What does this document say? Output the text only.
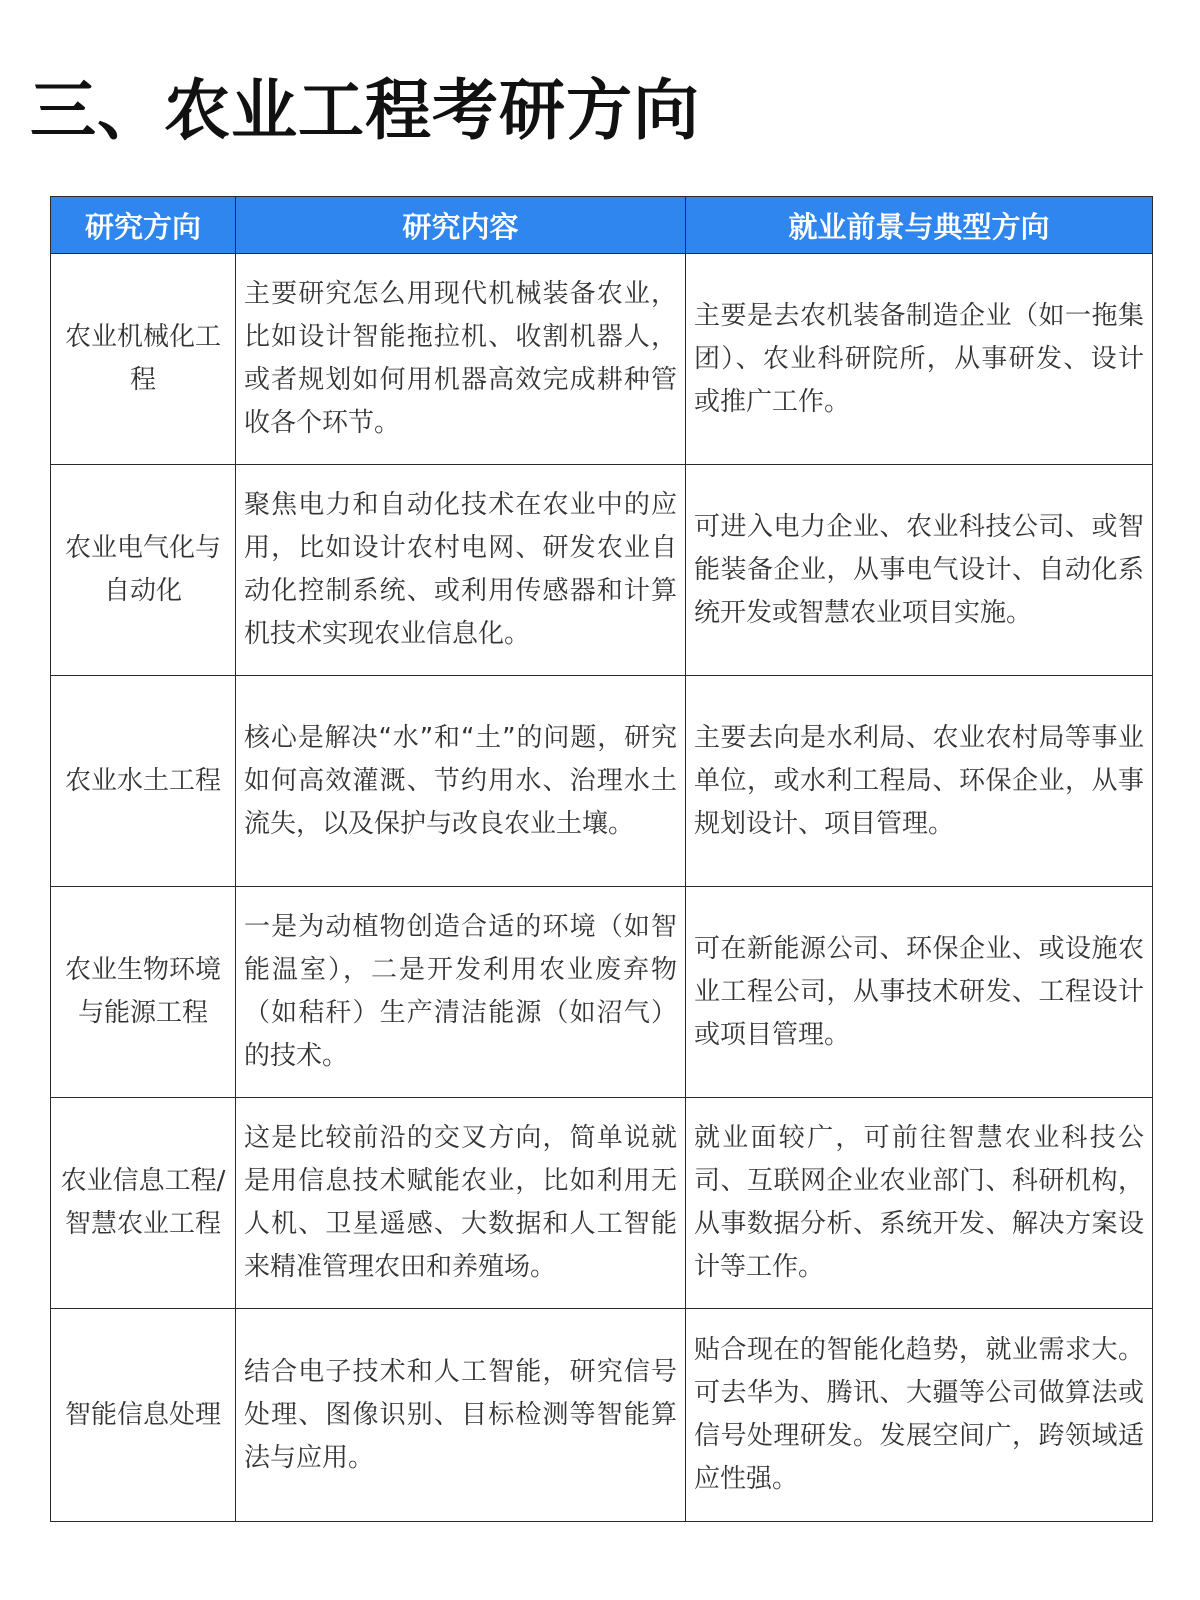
三、农业工程考研方向
研究方向	研究内容	就业前景与典型方向
农业机械化工程	主要研究怎么用现代机械装备农业，比如设计智能拖拉机、收割机器人，或者规划如何用机器高效完成耕种管收各个环节。	主要是去农机装备制造企业（如一拖集团）、农业科研院所，从事研发、设计或推广工作。
农业电气化与自动化	聚焦电力和自动化技术在农业中的应用，比如设计农村电网、研发农业自动化控制系统、或利用传感器和计算机技术实现农业信息化。	可进入电力企业、农业科技公司、或智能装备企业，从事电气设计、自动化系统开发或智慧农业项目实施。
农业水土工程	核心是解决“水”和“土”的问题，研究如何高效灌溉、节约用水、治理水土流失，以及保护与改良农业土壤。	主要去向是水利局、农业农村局等事业单位，或水利工程局、环保企业，从事规划设计、项目管理。
农业生物环境与能源工程	一是为动植物创造合适的环境（如智能温室），二是开发利用农业废弃物（如秸秆）生产清洁能源（如沼气）的技术。	可在新能源公司、环保企业、或设施农业工程公司，从事技术研发、工程设计或项目管理。
农业信息工程/智慧农业工程	这是比较前沿的交叉方向，简单说就是用信息技术赋能农业，比如利用无人机、卫星遥感、大数据和人工智能来精准管理农田和养殖场。	就业面较广，可前往智慧农业科技公司、互联网企业农业部门、科研机构，从事数据分析、系统开发、解决方案设计等工作。
智能信息处理	结合电子技术和人工智能，研究信号处理、图像识别、目标检测等智能算法与应用。	贴合现在的智能化趋势，就业需求大。可去华为、腾讯、大疆等公司做算法或信号处理研发。发展空间广，跨领域适应性强。
